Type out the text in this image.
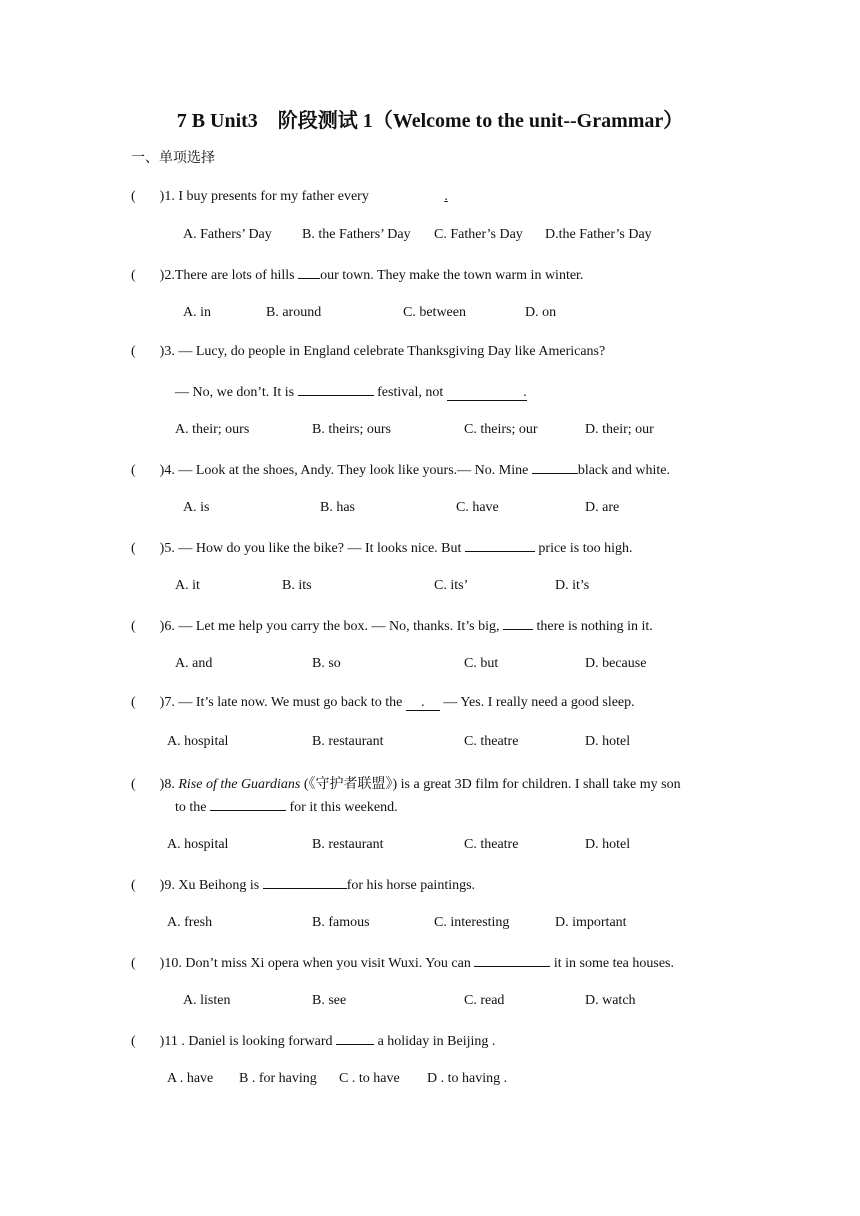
7 B Unit3    阶段测试 1（Welcome to the unit--Grammar）
一、单项选择
( )1. I buy presents for my father every	.
A. Fathers’ Day B. the Fathers’ Day C. Father’s Day D.the Father’s Day
( )2.There are lots of hills our town. They make the town warm in winter.
A. in	B. around	C. between	D. on
( )3. — Lucy, do people in England celebrate Thanksgiving Day like Americans?
— No, we don’t. It is	festival, not	.
A. their; ours	B. theirs; ours	C. theirs; our	D. their; our
( )4. — Look at the shoes, Andy. They look like yours.— No. Mine	black and white.
A. is	B. has	C. have	D. are
( )5. — How do you like the bike? — It looks nice. But	price is too high.
A. it	B. its	C. its’	D. it’s
( )6. — Let me help you carry the box. — No, thanks. It’s big,  there is nothing in it.
A. and	B. so	C. but	D. because
( )7. — It’s late now. We must go back to the . — Yes. I really need a good sleep.
A. hospital	B. restaurant	C. theatre	D. hotel
( )8. Rise of the Guardians (《守护者联盟》) is a great 3D film for children. I shall take my son
to the	for it this weekend.
A. hospital	B. restaurant	C. theatre	D. hotel
( )9. Xu Beihong is	for his horse paintings.
A. fresh	B. famous	C. interesting	D. important
( )10. Don’t miss Xi opera when you visit Wuxi. You can	it in some tea houses.
A. listen	B. see	C. read	D. watch
( )11 . Daniel is looking forward	a holiday in Beijing .
A . have B . for having C . to have D . to having .
